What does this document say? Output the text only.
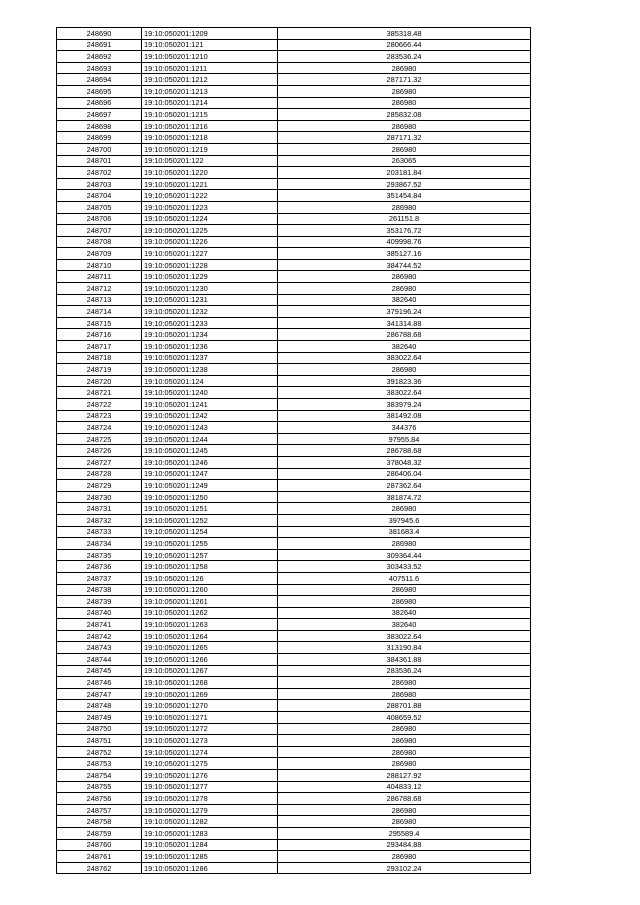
248690	19:10:050201:1209	385318.48
248691	19:10:050201:121	280666.44
248692	19:10:050201:1210	283536.24
248693	19:10:050201:1211	286980
248694	19:10:050201:1212	287171.32
248695	19:10:050201:1213	286980
248696	19:10:050201:1214	286980
248697	19:10:050201:1215	285832.08
248698	19:10:050201:1216	286980
248699	19:10:050201:1218	287171.32
248700	19:10:050201:1219	286980
248701	19:10:050201:122	263065
248702	19:10:050201:1220	203181.84
248703	19:10:050201:1221	293867.52
248704	19:10:050201:1222	351454.84
248705	19:10:050201:1223	286980
248706	19:10:050201:1224	261151.8
248707	19:10:050201:1225	353176.72
248708	19:10:050201:1226	409998.76
248709	19:10:050201:1227	385127.16
248710	19:10:050201:1228	384744.52
248711	19:10:050201:1229	286980
248712	19:10:050201:1230	286980
248713	19:10:050201:1231	382640
248714	19:10:050201:1232	379196.24
248715	19:10:050201:1233	341314.88
248716	19:10:050201:1234	286788.68
248717	19:10:050201:1236	382640
248718	19:10:050201:1237	383022.64
248719	19:10:050201:1238	286980
248720	19:10:050201:124	391823.36
248721	19:10:050201:1240	383022.64
248722	19:10:050201:1241	383979.24
248723	19:10:050201:1242	381492.08
248724	19:10:050201:1243	344376
248725	19:10:050201:1244	97955.84
248726	19:10:050201:1245	286788.68
248727	19:10:050201:1246	378048.32
248728	19:10:050201:1247	286406.04
248729	19:10:050201:1249	287362.64
248730	19:10:050201:1250	381874.72
248731	19:10:050201:1251	286980
248732	19:10:050201:1252	397945.6
248733	19:10:050201:1254	381683.4
248734	19:10:050201:1255	286980
248735	19:10:050201:1257	309364.44
248736	19:10:050201:1258	303433.52
248737	19:10:050201:126	407511.6
248738	19:10:050201:1260	286980
248739	19:10:050201:1261	286980
248740	19:10:050201:1262	382640
248741	19:10:050201:1263	382640
248742	19:10:050201:1264	383022.64
248743	19:10:050201:1265	313190.84
248744	19:10:050201:1266	384361.88
248745	19:10:050201:1267	283536.24
248746	19:10:050201:1268	286980
248747	19:10:050201:1269	286980
248748	19:10:050201:1270	288701.88
248749	19:10:050201:1271	408659.52
248750	19:10:050201:1272	286980
248751	19:10:050201:1273	286980
248752	19:10:050201:1274	286980
248753	19:10:050201:1275	286980
248754	19:10:050201:1276	288127.92
248755	19:10:050201:1277	404833.12
248756	19:10:050201:1278	286788.68
248757	19:10:050201:1279	286980
248758	19:10:050201:1282	286980
248759	19:10:050201:1283	295589.4
248760	19:10:050201:1284	293484.88
248761	19:10:050201:1285	286980
248762	19:10:050201:1286	293102.24
